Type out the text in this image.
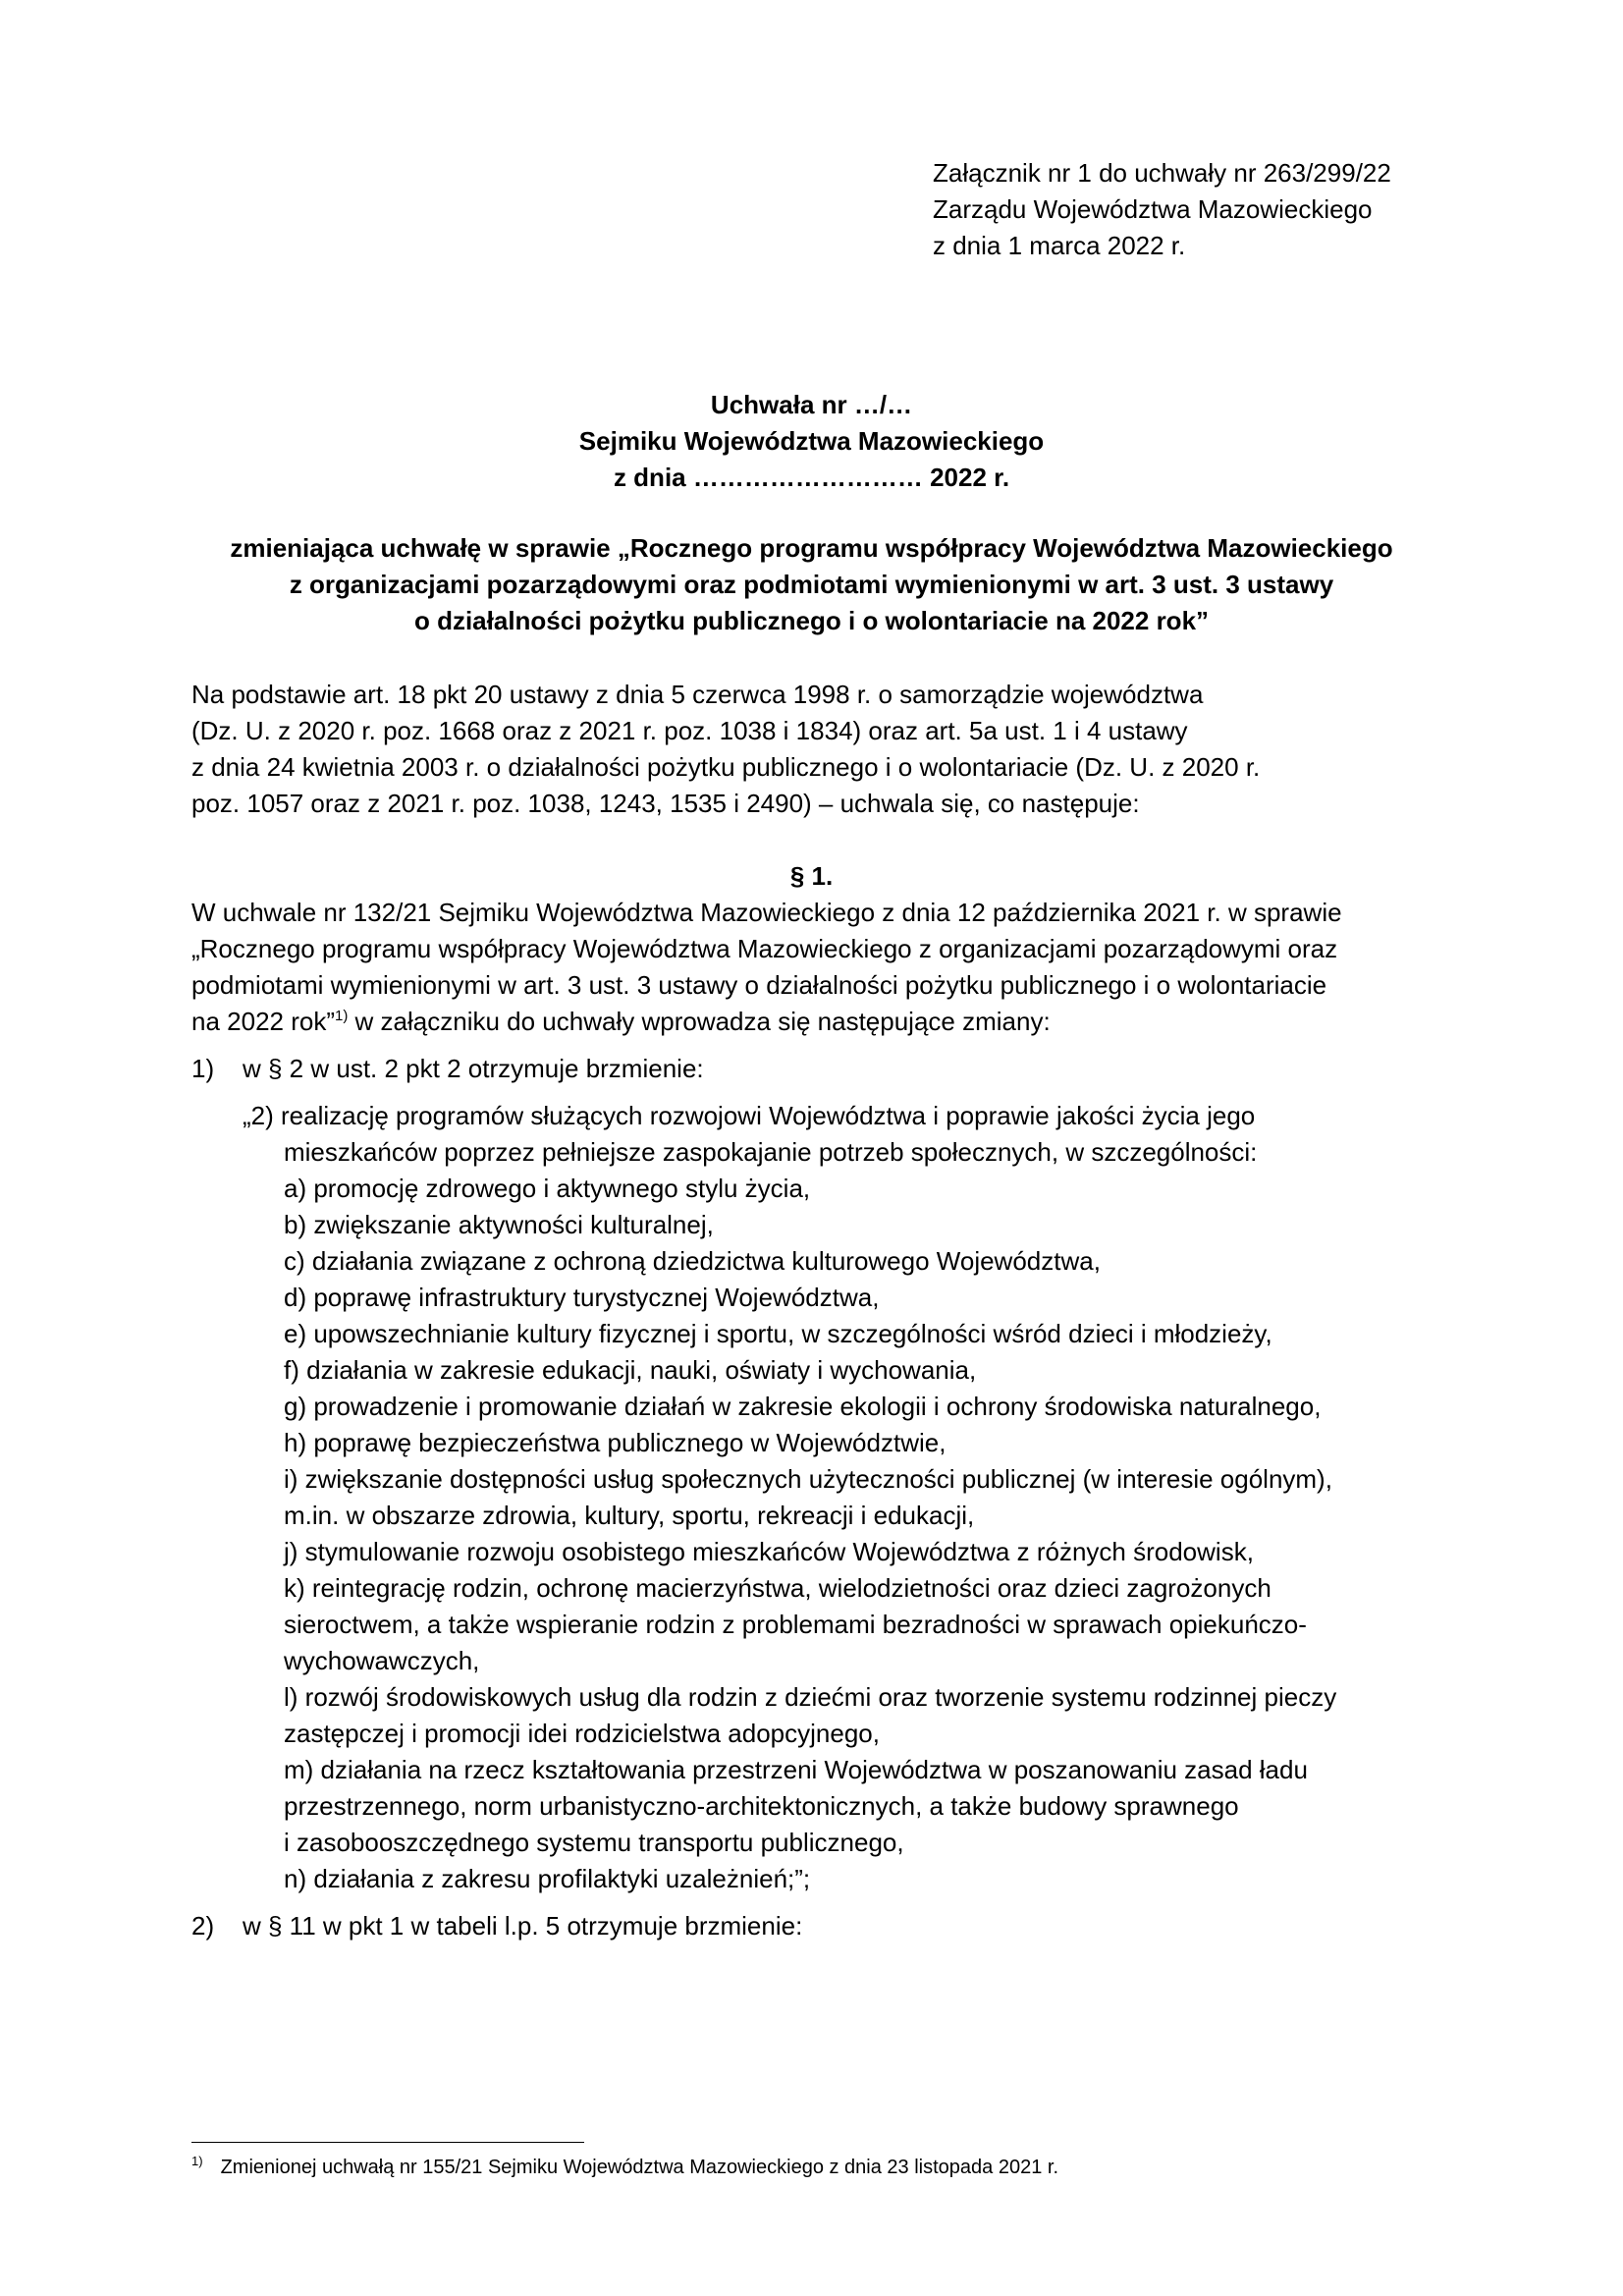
Załącznik nr 1 do uchwały nr 263/299/22
Zarządu Województwa Mazowieckiego
z dnia 1 marca 2022 r.
Uchwała nr …/…
Sejmiku Województwa Mazowieckiego
z dnia ……………………… 2022 r.
zmieniająca uchwałę w sprawie „Rocznego programu współpracy Województwa Mazowieckiego
z organizacjami pozarządowymi oraz podmiotami wymienionymi w art. 3 ust. 3 ustawy
o działalności pożytku publicznego i o wolontariacie na 2022 rok”
Na podstawie art. 18 pkt 20 ustawy z dnia 5 czerwca 1998 r. o samorządzie województwa
(Dz. U. z 2020 r. poz. 1668 oraz z 2021 r. poz. 1038 i 1834) oraz art. 5a ust. 1 i 4 ustawy
z dnia 24 kwietnia 2003 r. o działalności pożytku publicznego i o wolontariacie (Dz. U. z 2020 r.
poz. 1057 oraz z 2021 r. poz. 1038, 1243, 1535 i 2490) – uchwala się, co następuje:
§ 1.
W uchwale nr 132/21 Sejmiku Województwa Mazowieckiego z dnia 12 października 2021 r. w sprawie
„Rocznego programu współpracy Województwa Mazowieckiego z organizacjami pozarządowymi oraz
podmiotami wymienionymi w art. 3 ust. 3 ustawy o działalności pożytku publicznego i o wolontariacie
na 2022 rok”$^{1)}$ w załączniku do uchwały wprowadza się następujące zmiany:
1) w § 2 w ust. 2 pkt 2 otrzymuje brzmienie:
„2) realizację programów służących rozwojowi Województwa i poprawie jakości życia jego
mieszkańców poprzez pełniejsze zaspokajanie potrzeb społecznych, w szczególności:
a) promocję zdrowego i aktywnego stylu życia,
b) zwiększanie aktywności kulturalnej,
c) działania związane z ochroną dziedzictwa kulturowego Województwa,
d) poprawę infrastruktury turystycznej Województwa,
e) upowszechnianie kultury fizycznej i sportu, w szczególności wśród dzieci i młodzieży,
f) działania w zakresie edukacji, nauki, oświaty i wychowania,
g) prowadzenie i promowanie działań w zakresie ekologii i ochrony środowiska naturalnego,
h) poprawę bezpieczeństwa publicznego w Województwie,
i) zwiększanie dostępności usług społecznych użyteczności publicznej (w interesie ogólnym),
m.in. w obszarze zdrowia, kultury, sportu, rekreacji i edukacji,
j) stymulowanie rozwoju osobistego mieszkańców Województwa z różnych środowisk,
k) reintegrację rodzin, ochronę macierzyństwa, wielodzietności oraz dzieci zagrożonych
sieroctwem, a także wspieranie rodzin z problemami bezradności w sprawach opiekuńczo-
wychowawczych,
l) rozwój środowiskowych usług dla rodzin z dziećmi oraz tworzenie systemu rodzinnej pieczy
zastępczej i promocji idei rodzicielstwa adopcyjnego,
m) działania na rzecz kształtowania przestrzeni Województwa w poszanowaniu zasad ładu
przestrzennego, norm urbanistyczno-architektonicznych, a także budowy sprawnego
i zasobooszczędnego systemu transportu publicznego,
n) działania z zakresu profilaktyki uzależnień;”;
2) w § 11 w pkt 1 w tabeli l.p. 5 otrzymuje brzmienie:
$^{1)}$ Zmienionej uchwałą nr 155/21 Sejmiku Województwa Mazowieckiego z dnia 23 listopada 2021 r.
